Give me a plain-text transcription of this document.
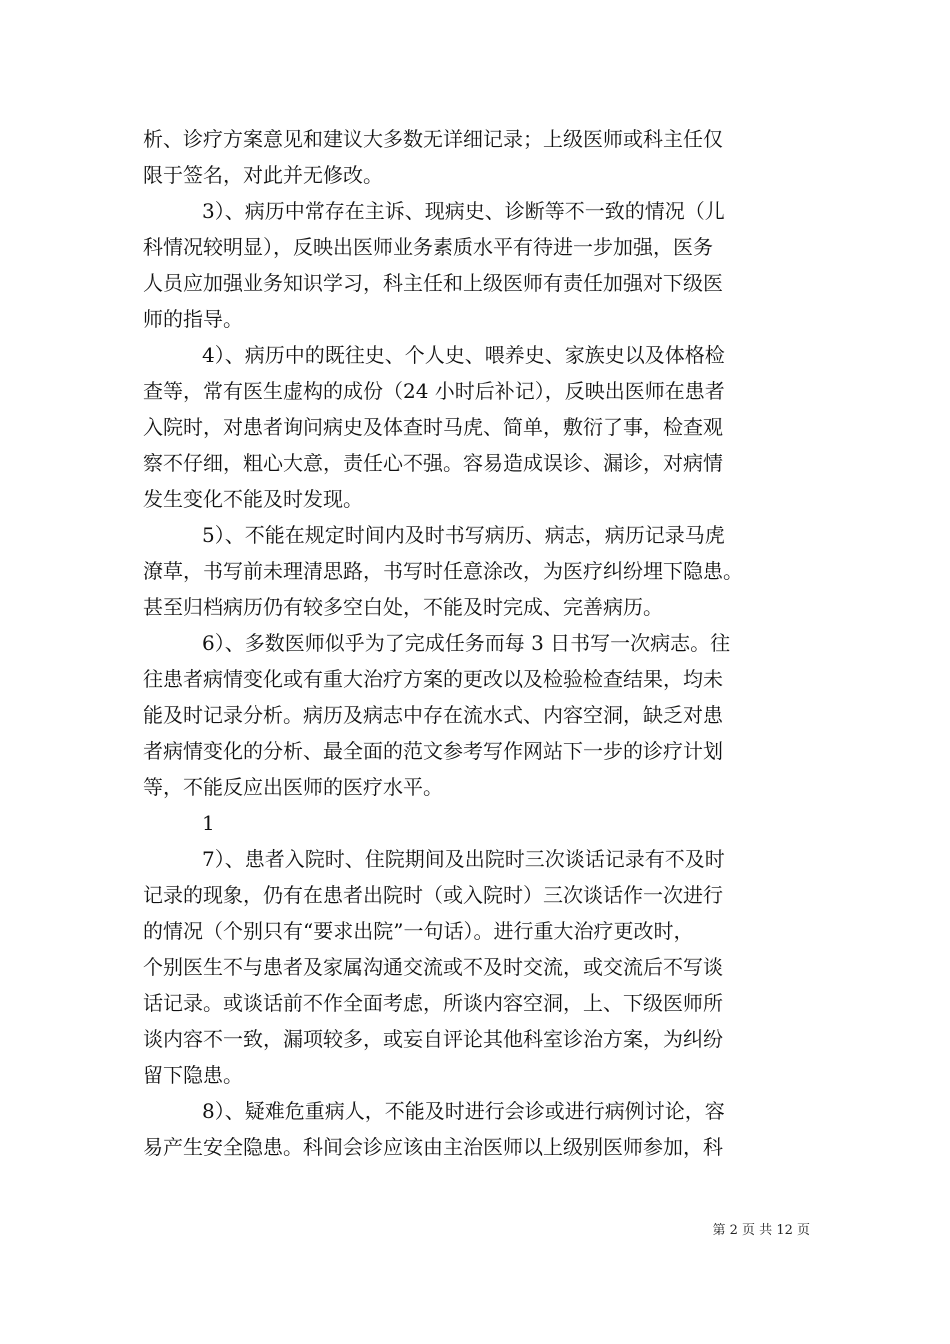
析、诊疗方案意见和建议大多数无详细记录；上级医师或科主任仅
限于签名，对此并无修改。
3）、病历中常存在主诉、现病史、诊断等不一致的情况（儿
科情况较明显），反映出医师业务素质水平有待进一步加强，医务
人员应加强业务知识学习，科主任和上级医师有责任加强对下级医
师的指导。
4）、病历中的既往史、个人史、喂养史、家族史以及体格检
查等，常有医生虚构的成份（24 小时后补记），反映出医师在患者
入院时，对患者询问病史及体查时马虎、简单，敷衍了事，检查观
察不仔细，粗心大意，责任心不强。容易造成误诊、漏诊，对病情
发生变化不能及时发现。
5）、不能在规定时间内及时书写病历、病志，病历记录马虎
潦草，书写前未理清思路，书写时任意涂改，为医疗纠纷埋下隐患。
甚至归档病历仍有较多空白处，不能及时完成、完善病历。
6）、多数医师似乎为了完成任务而每 3 日书写一次病志。往
往患者病情变化或有重大治疗方案的更改以及检验检查结果，均未
能及时记录分析。病历及病志中存在流水式、内容空洞，缺乏对患
者病情变化的分析、最全面的范文参考写作网站下一步的诊疗计划
等，不能反应出医师的医疗水平。
1
7）、患者入院时、住院期间及出院时三次谈话记录有不及时
记录的现象，仍有在患者出院时（或入院时）三次谈话作一次进行
的情况（个别只有“要求出院”一句话）。进行重大治疗更改时，
个别医生不与患者及家属沟通交流或不及时交流，或交流后不写谈
话记录。或谈话前不作全面考虑，所谈内容空洞，上、下级医师所
谈内容不一致，漏项较多，或妄自评论其他科室诊治方案，为纠纷
留下隐患。
8）、疑难危重病人，不能及时进行会诊或进行病例讨论，容
易产生安全隐患。科间会诊应该由主治医师以上级别医师参加，科
第 2 页 共 12 页
